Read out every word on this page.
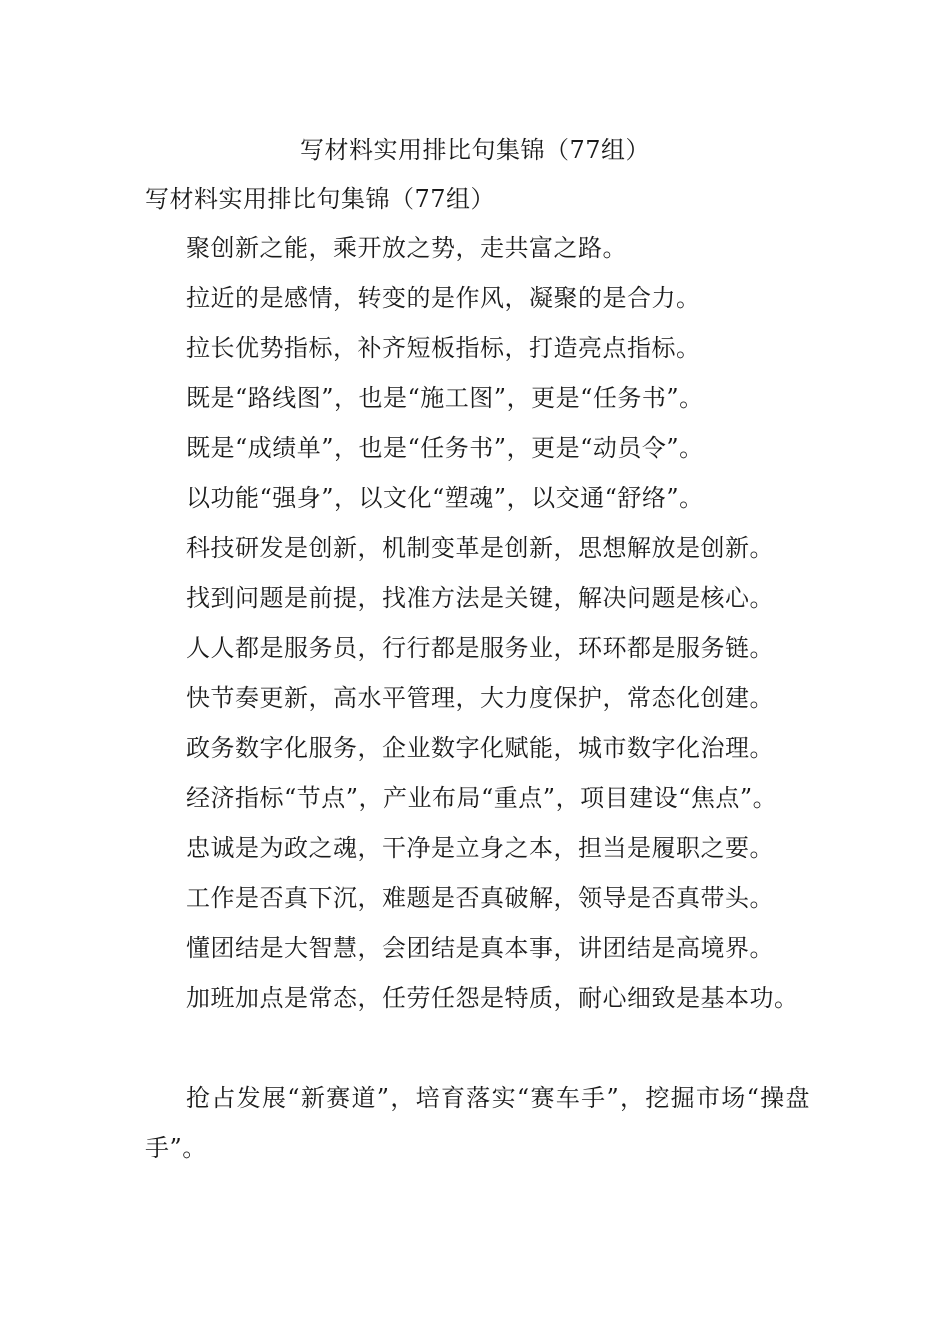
写材料实用排比句集锦（77组）
写材料实用排比句集锦（77组）

聚创新之能，乘开放之势，走共富之路。

拉近的是感情，转变的是作风，凝聚的是合力。

拉长优势指标，补齐短板指标，打造亮点指标。

既是“路线图”，也是“施工图”，更是“任务书”。

既是“成绩单”，也是“任务书”，更是“动员令”。

以功能“强身”，以文化“塑魂”，以交通“舒络”。

科技研发是创新，机制变革是创新，思想解放是创新。

找到问题是前提，找准方法是关键，解决问题是核心。

人人都是服务员，行行都是服务业，环环都是服务链。

快节奏更新，高水平管理，大力度保护，常态化创建。

政务数字化服务，企业数字化赋能，城市数字化治理。

经济指标“节点”，产业布局“重点”，项目建设“焦点”。

忠诚是为政之魂，干净是立身之本，担当是履职之要。

工作是否真下沉，难题是否真破解，领导是否真带头。

懂团结是大智慧，会团结是真本事，讲团结是高境界。

加班加点是常态，任劳任怨是特质，耐心细致是基本功。

抢占发展“新赛道”，培育落实“赛车手”，挖掘市场“操盘手”。
